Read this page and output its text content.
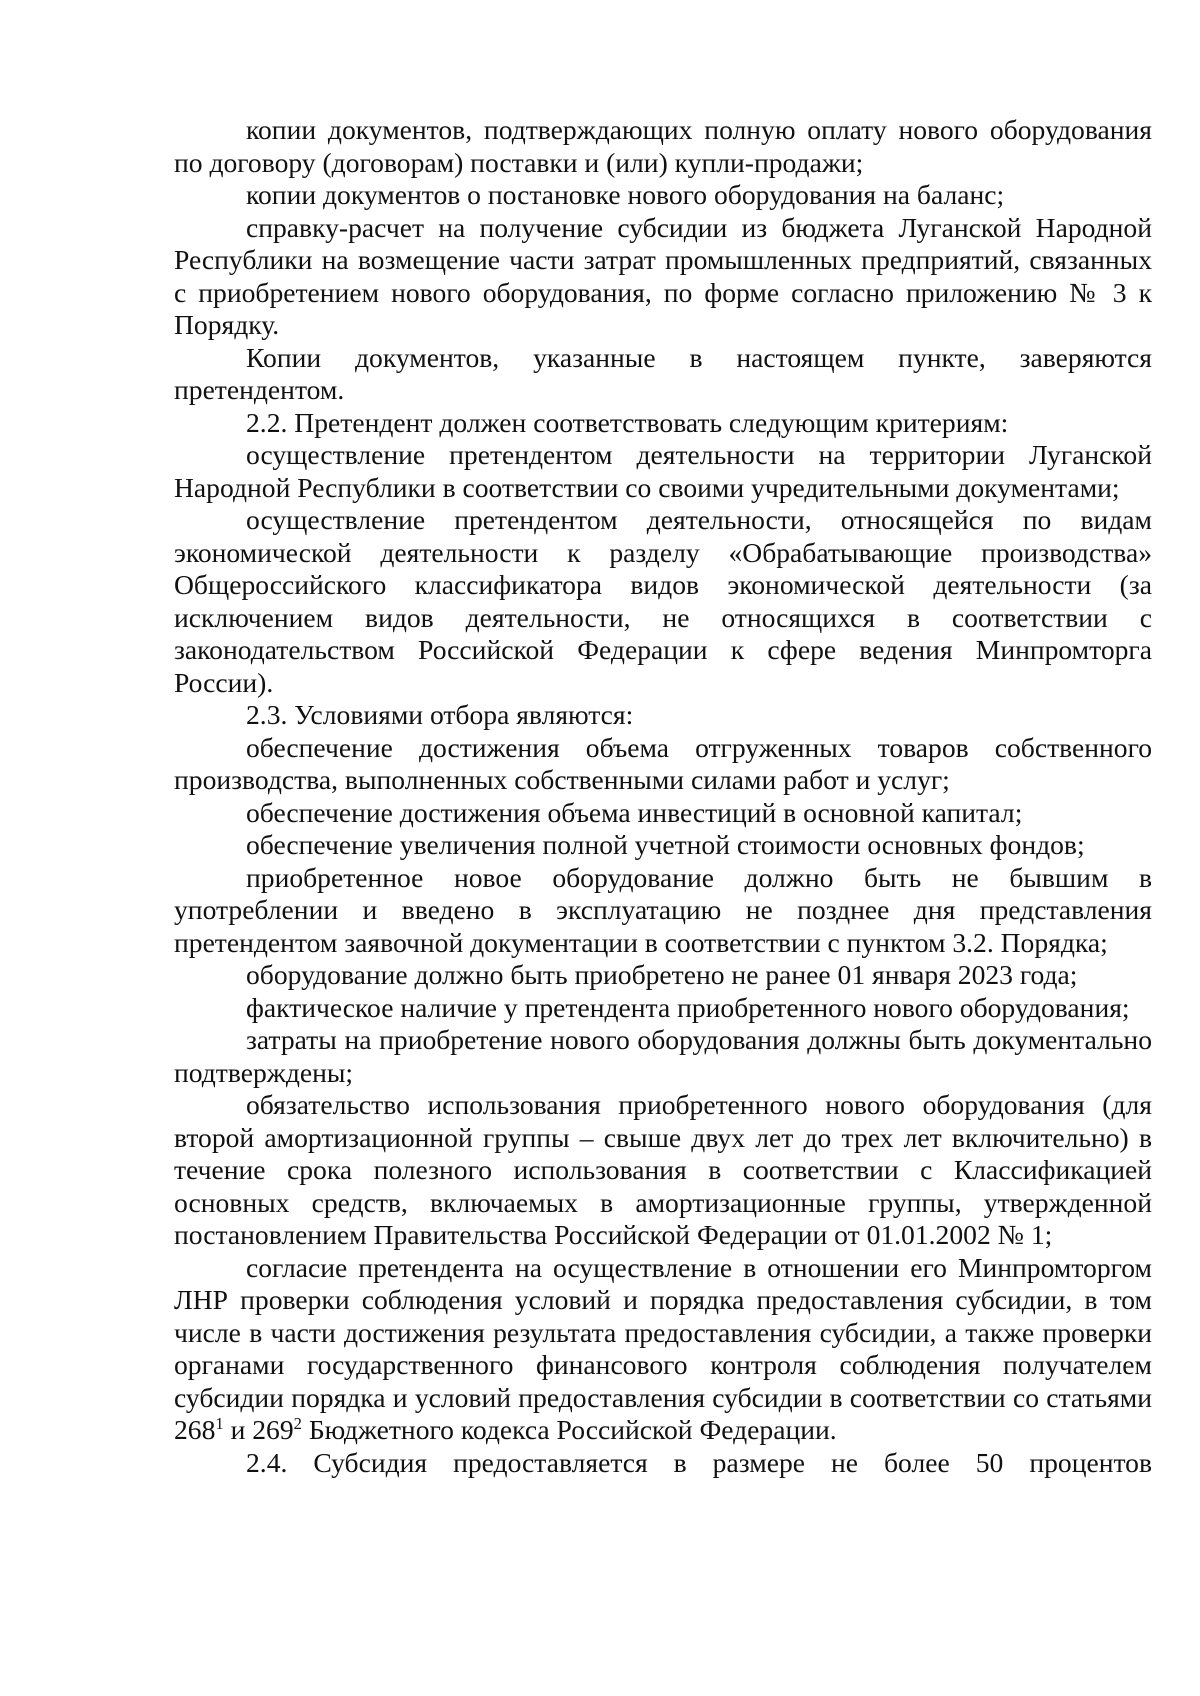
копии документов, подтверждающих полную оплату нового оборудования по договору (договорам) поставки и (или) купли-продажи;

копии документов о постановке нового оборудования на баланс;

справку-расчет на получение субсидии из бюджета Луганской Народной Республики на возмещение части затрат промышленных предприятий, связанных с приобретением нового оборудования, по форме согласно приложению № 3 к Порядку.

Копии документов, указанные в настоящем пункте, заверяются претендентом.

2.2. Претендент должен соответствовать следующим критериям:

осуществление претендентом деятельности на территории Луганской Народной Республики в соответствии со своими учредительными документами;

осуществление претендентом деятельности, относящейся по видам экономической деятельности к разделу «Обрабатывающие производства» Общероссийского классификатора видов экономической деятельности (за исключением видов деятельности, не относящихся в соответствии с законодательством Российской Федерации к сфере ведения Минпромторга России).

2.3. Условиями отбора являются:

обеспечение достижения объема отгруженных товаров собственного производства, выполненных собственными силами работ и услуг;

обеспечение достижения объема инвестиций в основной капитал;

обеспечение увеличения полной учетной стоимости основных фондов;

приобретенное новое оборудование должно быть не бывшим в употреблении и введено в эксплуатацию не позднее дня представления претендентом заявочной документации в соответствии с пунктом 3.2. Порядка;

оборудование должно быть приобретено не ранее 01 января 2023 года;

фактическое наличие у претендента приобретенного нового оборудования;

затраты на приобретение нового оборудования должны быть документально подтверждены;

обязательство использования приобретенного нового оборудования (для второй амортизационной группы – свыше двух лет до трех лет включительно) в течение срока полезного использования в соответствии с Классификацией основных средств, включаемых в амортизационные группы, утвержденной постановлением Правительства Российской Федерации от 01.01.2002 № 1;

согласие претендента на осуществление в отношении его Минпромторгом ЛНР проверки соблюдения условий и порядка предоставления субсидии, в том числе в части достижения результата предоставления субсидии, а также проверки органами государственного финансового контроля соблюдения получателем субсидии порядка и условий предоставления субсидии в соответствии со статьями $268^1$ и $269^2$ Бюджетного кодекса Российской Федерации.

2.4. Субсидия предоставляется в размере не более 50 процентов
